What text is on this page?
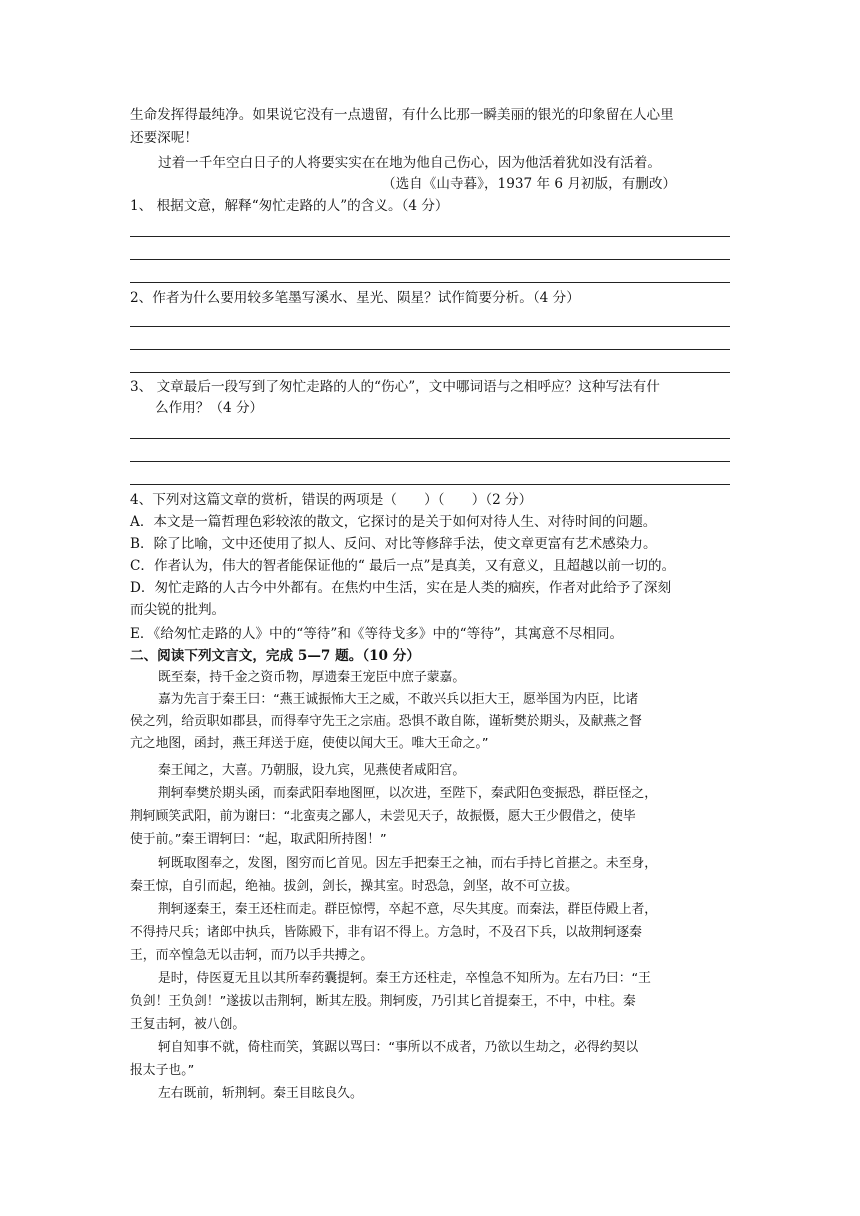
生命发挥得最纯净。如果说它没有一点遗留，有什么比那一瞬美丽的银光的印象留在人心里
还要深呢！
过着一千年空白日子的人将要实实在在地为他自己伤心，因为他活着犹如没有活着。
（选自《山寺暮》，1937 年 6 月初版，有删改）
1、 根据文意，解释“匆忙走路的人”的含义。（4 分）
2、作者为什么要用较多笔墨写溪水、星光、陨星？试作简要分析。（4 分）
3、 文章最后一段写到了匆忙走路的人的“伤心”，文中哪词语与之相呼应？这种写法有什
么作用？（4 分）
4、下列对这篇文章的赏析，错误的两项是（　　）（　　）（2 分）
A．本文是一篇哲理色彩较浓的散文，它探讨的是关于如何对待人生、对待时间的问题。
B．除了比喻，文中还使用了拟人、反问、对比等修辞手法，使文章更富有艺术感染力。
C．作者认为，伟大的智者能保证他的“ 最后一点”是真美，又有意义，且超越以前一切的。
D．匆忙走路的人古今中外都有。在焦灼中生活，实在是人类的痼疾，作者对此给予了深刻
而尖锐的批判。
E．《给匆忙走路的人》中的“等待”和《等待戈多》中的“等待”，其寓意不尽相同。
二、阅读下列文言文，完成 5—7 题。（10 分）
既至秦，持千金之资币物，厚遗秦王宠臣中庶子蒙嘉。
嘉为先言于秦王曰：“燕王诚振怖大王之威，不敢兴兵以拒大王，愿举国为内臣，比诸
侯之列，给贡职如郡县，而得奉守先王之宗庙。恐惧不敢自陈，谨斩樊於期头，及献燕之督
亢之地图，函封，燕王拜送于庭，使使以闻大王。唯大王命之。”
秦王闻之，大喜。乃朝服，设九宾，见燕使者咸阳宫。
荆轲奉樊於期头函，而秦武阳奉地图匣，以次进，至陛下，秦武阳色变振恐，群臣怪之，
荆轲顾笑武阳，前为谢曰：“北蛮夷之鄙人，未尝见天子，故振慑，愿大王少假借之，使毕
使于前。”秦王谓轲曰：“起，取武阳所持图！”
轲既取图奉之，发图，图穷而匕首见。因左手把秦王之袖，而右手持匕首揕之。未至身，
秦王惊，自引而起，绝袖。拔剑，剑长，操其室。时恐急，剑坚，故不可立拔。
荆轲逐秦王，秦王还柱而走。群臣惊愕，卒起不意，尽失其度。而秦法，群臣侍殿上者，
不得持尺兵；诸郎中执兵，皆陈殿下，非有诏不得上。方急时，不及召下兵，以故荆轲逐秦
王，而卒惶急无以击轲，而乃以手共搏之。
是时，侍医夏无且以其所奉药囊提轲。秦王方还柱走，卒惶急不知所为。左右乃曰：“王
负剑！王负剑！”遂拔以击荆轲，断其左股。荆轲废，乃引其匕首提秦王，不中，中柱。秦
王复击轲，被八创。
轲自知事不就，倚柱而笑，箕踞以骂曰：“事所以不成者，乃欲以生劫之，必得约契以
报太子也。”
左右既前，斩荆轲。秦王目眩良久。
